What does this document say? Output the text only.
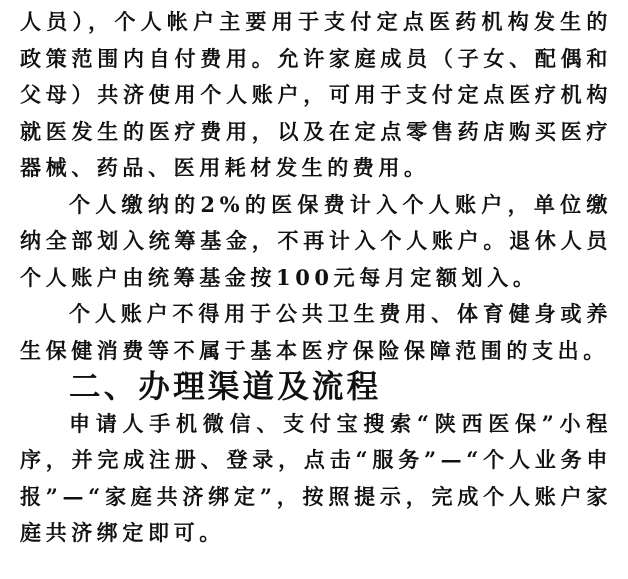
人员），个人帐户主要用于支付定点医药机构发生的政策范围内自付费用。允许家庭成员（子女、配偶和父母）共济使用个人账户，可用于支付定点医疗机构就医发生的医疗费用，以及在定点零售药店购买医疗器械、药品、医用耗材发生的费用。

个人缴纳的2%的医保费计入个人账户，单位缴纳全部划入统筹基金，不再计入个人账户。退休人员个人账户由统筹基金按100元每月定额划入。

个人账户不得用于公共卫生费用、体育健身或养生保健消费等不属于基本医疗保险保障范围的支出。

二、办理渠道及流程

申请人手机微信、支付宝搜索“陕西医保”小程序，并完成注册、登录，点击“服务”—“个人业务申报”—“家庭共济绑定”，按照提示，完成个人账户家庭共济绑定即可。
